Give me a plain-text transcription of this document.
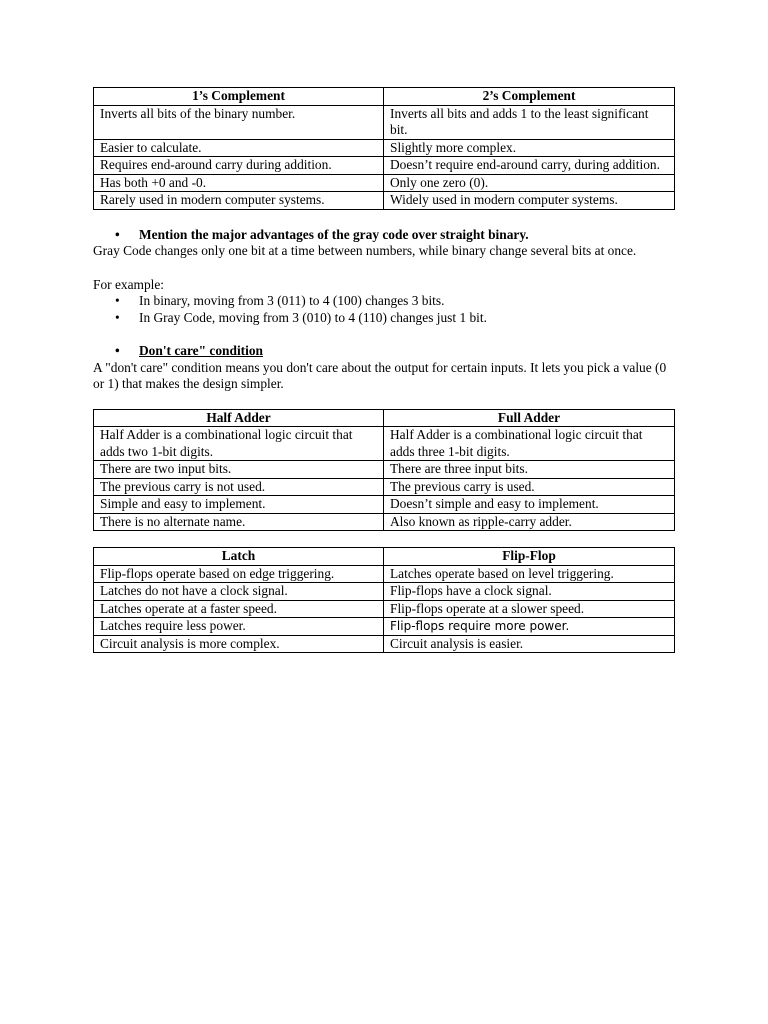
1’s Complement	2’s Complement
Inverts all bits of the binary number.	Inverts all bits and adds 1 to the least significant bit.
Easier to calculate.	Slightly more complex.
Requires end-around carry during addition.	Doesn’t require end-around carry, during addition.
Has both +0 and -0.	Only one zero (0).
Rarely used in modern computer systems.	Widely used in modern computer systems.
• Mention the major advantages of the gray code over straight binary.

Gray Code changes only one bit at a time between numbers, while binary change several bits at once.

For example:

• In binary, moving from 3 (011) to 4 (100) changes 3 bits.
• In Gray Code, moving from 3 (010) to 4 (110) changes just 1 bit.
• Don't care" condition

A "don't care" condition means you don't care about the output for certain inputs. It lets you pick a value (0 or 1) that makes the design simpler.

Half Adder	Full Adder
Half Adder is a combinational logic circuit that adds two 1-bit digits.	Half Adder is a combinational logic circuit that adds three 1-bit digits.
There are two input bits.	There are three input bits.
The previous carry is not used.	The previous carry is used.
Simple and easy to implement.	Doesn’t simple and easy to implement.
There is no alternate name.	Also known as ripple-carry adder.
Latch	Flip-Flop
Flip-flops operate based on edge triggering.	Latches operate based on level triggering.
Latches do not have a clock signal.	Flip-flops have a clock signal.
Latches operate at a faster speed.	Flip-flops operate at a slower speed.
Latches require less power.	Flip-flops require more power.
Circuit analysis is more complex.	Circuit analysis is easier.
